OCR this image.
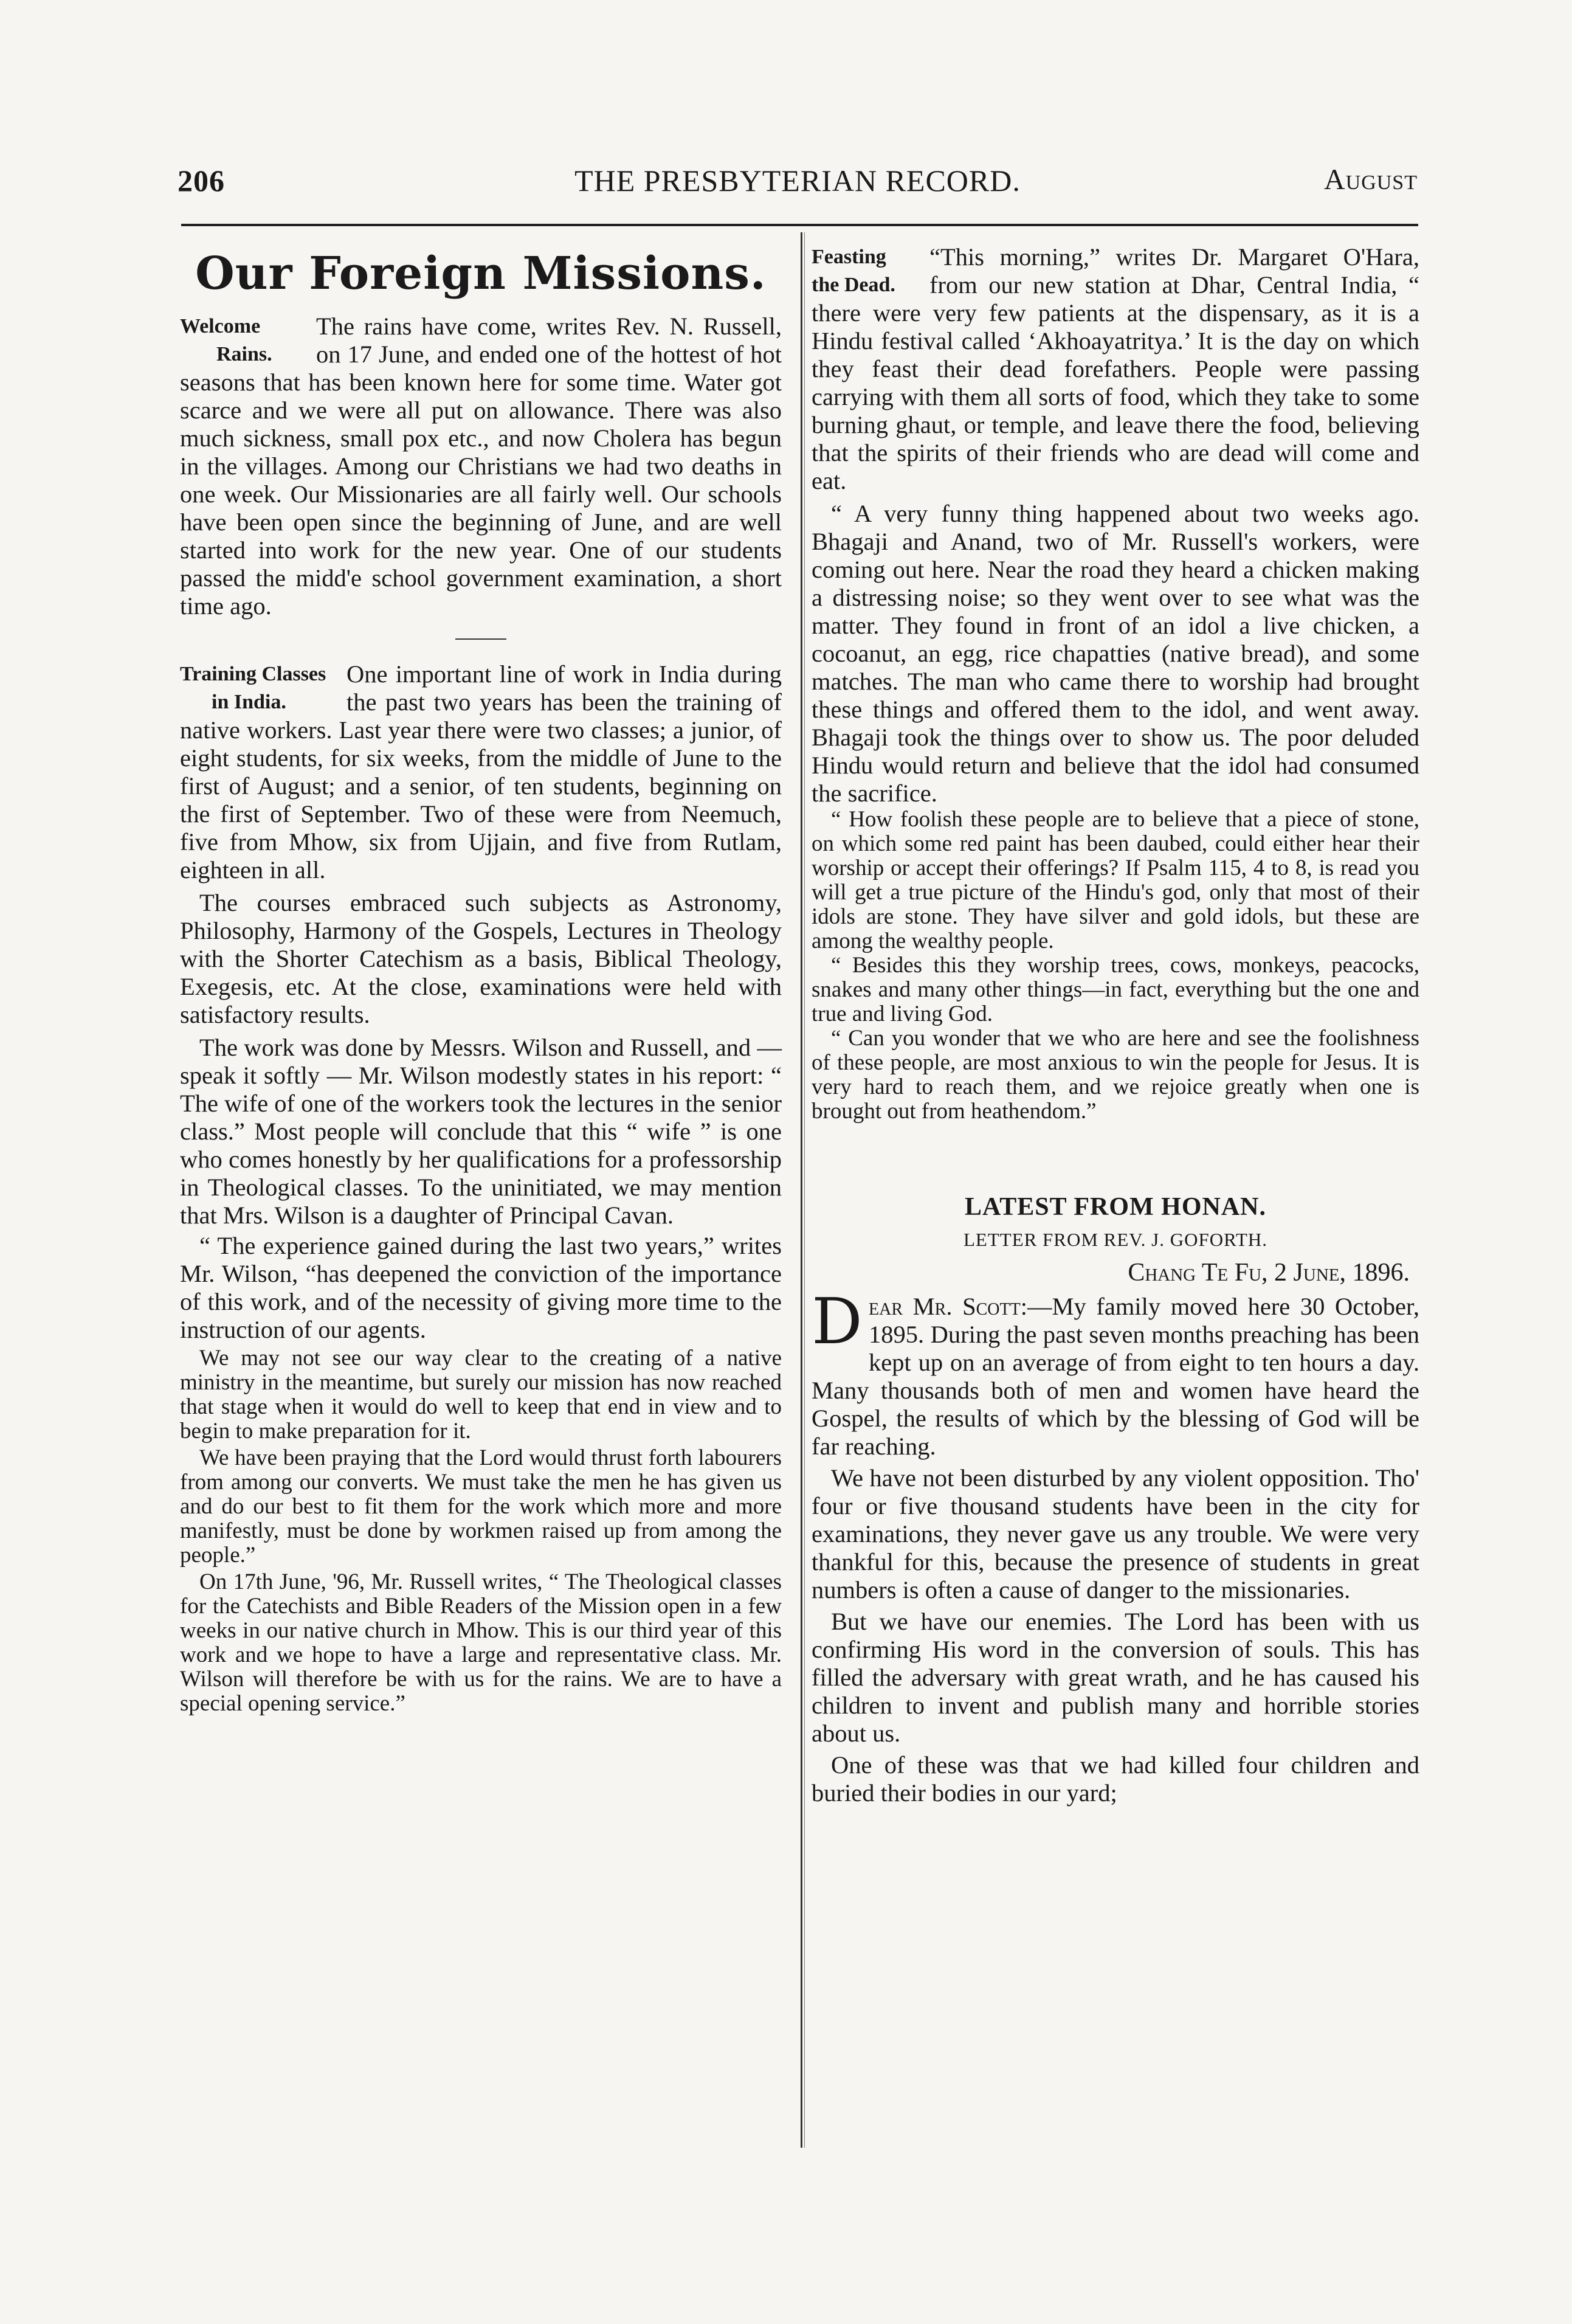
206	THE PRESBYTERIAN RECORD.	August
Our Foreign Missions.

Welcome
Rains.
The rains have come, writes Rev. N. Russell, on 17 June, and ended one of the hottest of hot seasons that has been known here for some time. Water got scarce and we were all put on allowance. There was also much sickness, small pox etc., and now Cholera has begun in the villages. Among our Christians we had two deaths in one week. Our Missionaries are all fairly well. Our schools have been open since the beginning of June, and are well started into work for the new year. One of our students passed the midd'e school government examination, a short time ago.

Training Classes
in India.
One important line of work in India during the past two years has been the training of native workers. Last year there were two classes; a junior, of eight students, for six weeks, from the middle of June to the first of August; and a senior, of ten students, beginning on the first of September. Two of these were from Neemuch, five from Mhow, six from Ujjain, and five from Rutlam, eighteen in all.

The courses embraced such subjects as Astronomy, Philosophy, Harmony of the Gospels, Lectures in Theology with the Shorter Catechism as a basis, Biblical Theology, Exegesis, etc. At the close, examinations were held with satisfactory results.

The work was done by Messrs. Wilson and Russell, and — speak it softly — Mr. Wilson modestly states in his report: “ The wife of one of the workers took the lectures in the senior class.” Most people will conclude that this “ wife ” is one who comes honestly by her qualifications for a professorship in Theological classes. To the uninitiated, we may mention that Mrs. Wilson is a daughter of Principal Cavan.

“ The experience gained during the last two years,” writes Mr. Wilson, “has deepened the conviction of the importance of this work, and of the necessity of giving more time to the instruction of our agents.

We may not see our way clear to the creating of a native ministry in the meantime, but surely our mission has now reached that stage when it would do well to keep that end in view and to begin to make preparation for it.

We have been praying that the Lord would thrust forth labourers from among our converts. We must take the men he has given us and do our best to fit them for the work which more and more manifestly, must be done by workmen raised up from among the people.”

On 17th June, '96, Mr. Russell writes, “ The Theological classes for the Catechists and Bible Readers of the Mission open in a few weeks in our native church in Mhow. This is our third year of this work and we hope to have a large and representative class. Mr. Wilson will therefore be with us for the rains. We are to have a special opening service.”

Feasting
the Dead.
“This morning,” writes Dr. Margaret O'Hara, from our new station at Dhar, Central India, “ there were very few patients at the dispensary, as it is a Hindu festival called ‘Akhoayatritya.’ It is the day on which they feast their dead forefathers. People were passing carrying with them all sorts of food, which they take to some burning ghaut, or temple, and leave there the food, believing that the spirits of their friends who are dead will come and eat.

“ A very funny thing happened about two weeks ago. Bhagaji and Anand, two of Mr. Russell's workers, were coming out here. Near the road they heard a chicken making a distressing noise; so they went over to see what was the matter. They found in front of an idol a live chicken, a cocoanut, an egg, rice chapatties (native bread), and some matches. The man who came there to worship had brought these things and offered them to the idol, and went away. Bhagaji took the things over to show us. The poor deluded Hindu would return and believe that the idol had consumed the sacrifice.

“ How foolish these people are to believe that a piece of stone, on which some red paint has been daubed, could either hear their worship or accept their offerings? If Psalm 115, 4 to 8, is read you will get a true picture of the Hindu's god, only that most of their idols are stone. They have silver and gold idols, but these are among the wealthy people.

“ Besides this they worship trees, cows, monkeys, peacocks, snakes and many other things—in fact, everything but the one and true and living God.

“ Can you wonder that we who are here and see the foolishness of these people, are most anxious to win the people for Jesus. It is very hard to reach them, and we rejoice greatly when one is brought out from heathendom.”

LATEST FROM HONAN.
LETTER FROM REV. J. GOFORTH.
Chang Te Fu, 2 June, 1896.

Dear Mr. Scott:—My family moved here 30 October, 1895. During the past seven months preaching has been kept up on an average of from eight to ten hours a day. Many thousands both of men and women have heard the Gospel, the results of which by the blessing of God will be far reaching.

We have not been disturbed by any violent opposition. Tho' four or five thousand students have been in the city for examinations, they never gave us any trouble. We were very thankful for this, because the presence of students in great numbers is often a cause of danger to the missionaries.

But we have our enemies. The Lord has been with us confirming His word in the conversion of souls. This has filled the adversary with great wrath, and he has caused his children to invent and publish many and horrible stories about us.

One of these was that we had killed four children and buried their bodies in our yard;
